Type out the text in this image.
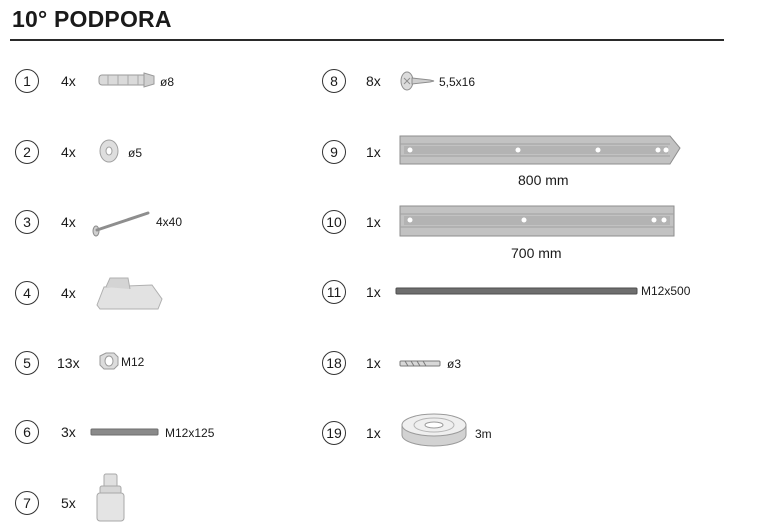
10° PODPORA
1	4x	ø8
2	4x	ø5
3	4x	4x40
4	4x
5	13x	M12
6	3x	M12x125
7	5x
8	8x	5,5x16
9	1x
800 mm
10	1x
700 mm
11	1x	M12x500
18	1x	ø3
19	1x	3m
